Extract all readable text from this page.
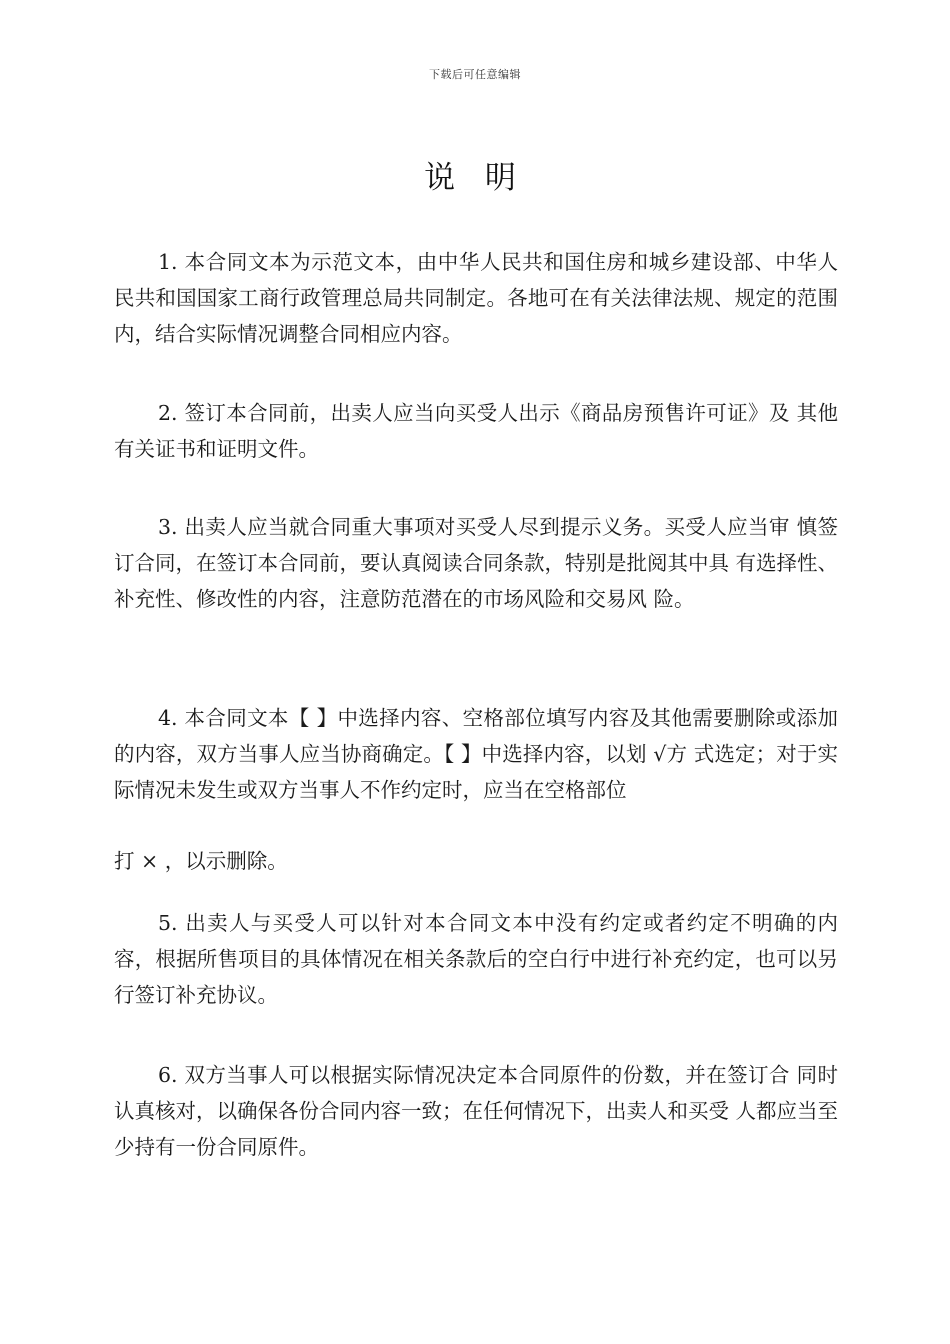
下载后可任意编辑
说 明

1. 本合同文本为示范文本，由中华人民共和国住房和城乡建设部、中华人民共和国国家工商行政管理总局共同制定。各地可在有关法律法规、规定的范围内，结合实际情况调整合同相应内容。

2. 签订本合同前，出卖人应当向买受人出示《商品房预售许可证》及 其他有关证书和证明文件。

3. 出卖人应当就合同重大事项对买受人尽到提示义务。买受人应当审 慎签订合同，在签订本合同前，要认真阅读合同条款，特别是批阅其中具 有选择性、补充性、修改性的内容，注意防范潜在的市场风险和交易风 险。

4. 本合同文本【 】中选择内容、空格部位填写内容及其他需要删除或添加的内容，双方当事人应当协商确定。【 】中选择内容，以划 √方 式选定；对于实际情况未发生或双方当事人不作约定时，应当在空格部位

打 × ，以示删除。

5. 出卖人与买受人可以针对本合同文本中没有约定或者约定不明确的内容，根据所售项目的具体情况在相关条款后的空白行中进行补充约定，也可以另行签订补充协议。

6. 双方当事人可以根据实际情况决定本合同原件的份数，并在签订合 同时认真核对，以确保各份合同内容一致；在任何情况下，出卖人和买受 人都应当至少持有一份合同原件。
